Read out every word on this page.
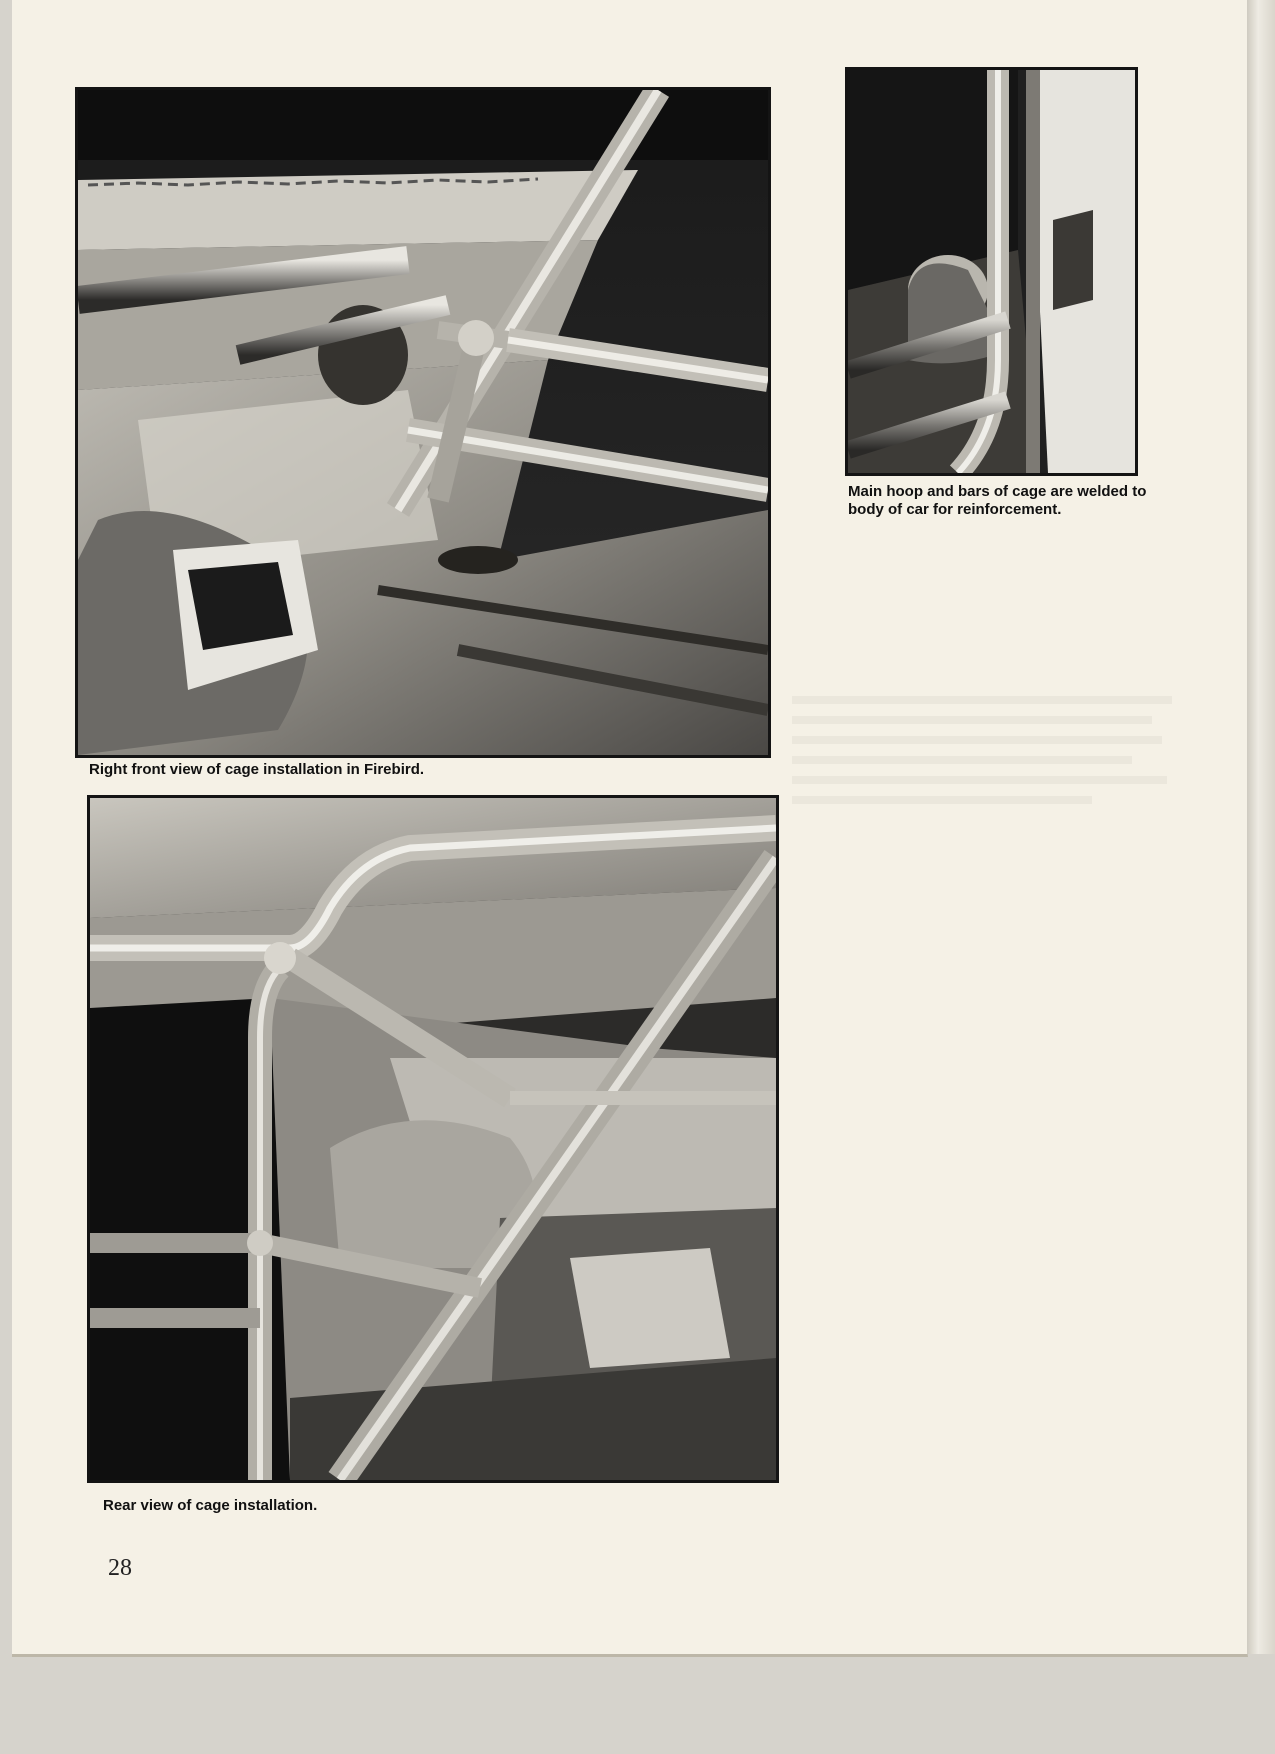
Right front view of cage installation in Firebird.

Main hoop and bars of cage are welded to body of car for reinforcement.

Rear view of cage installation.

28
